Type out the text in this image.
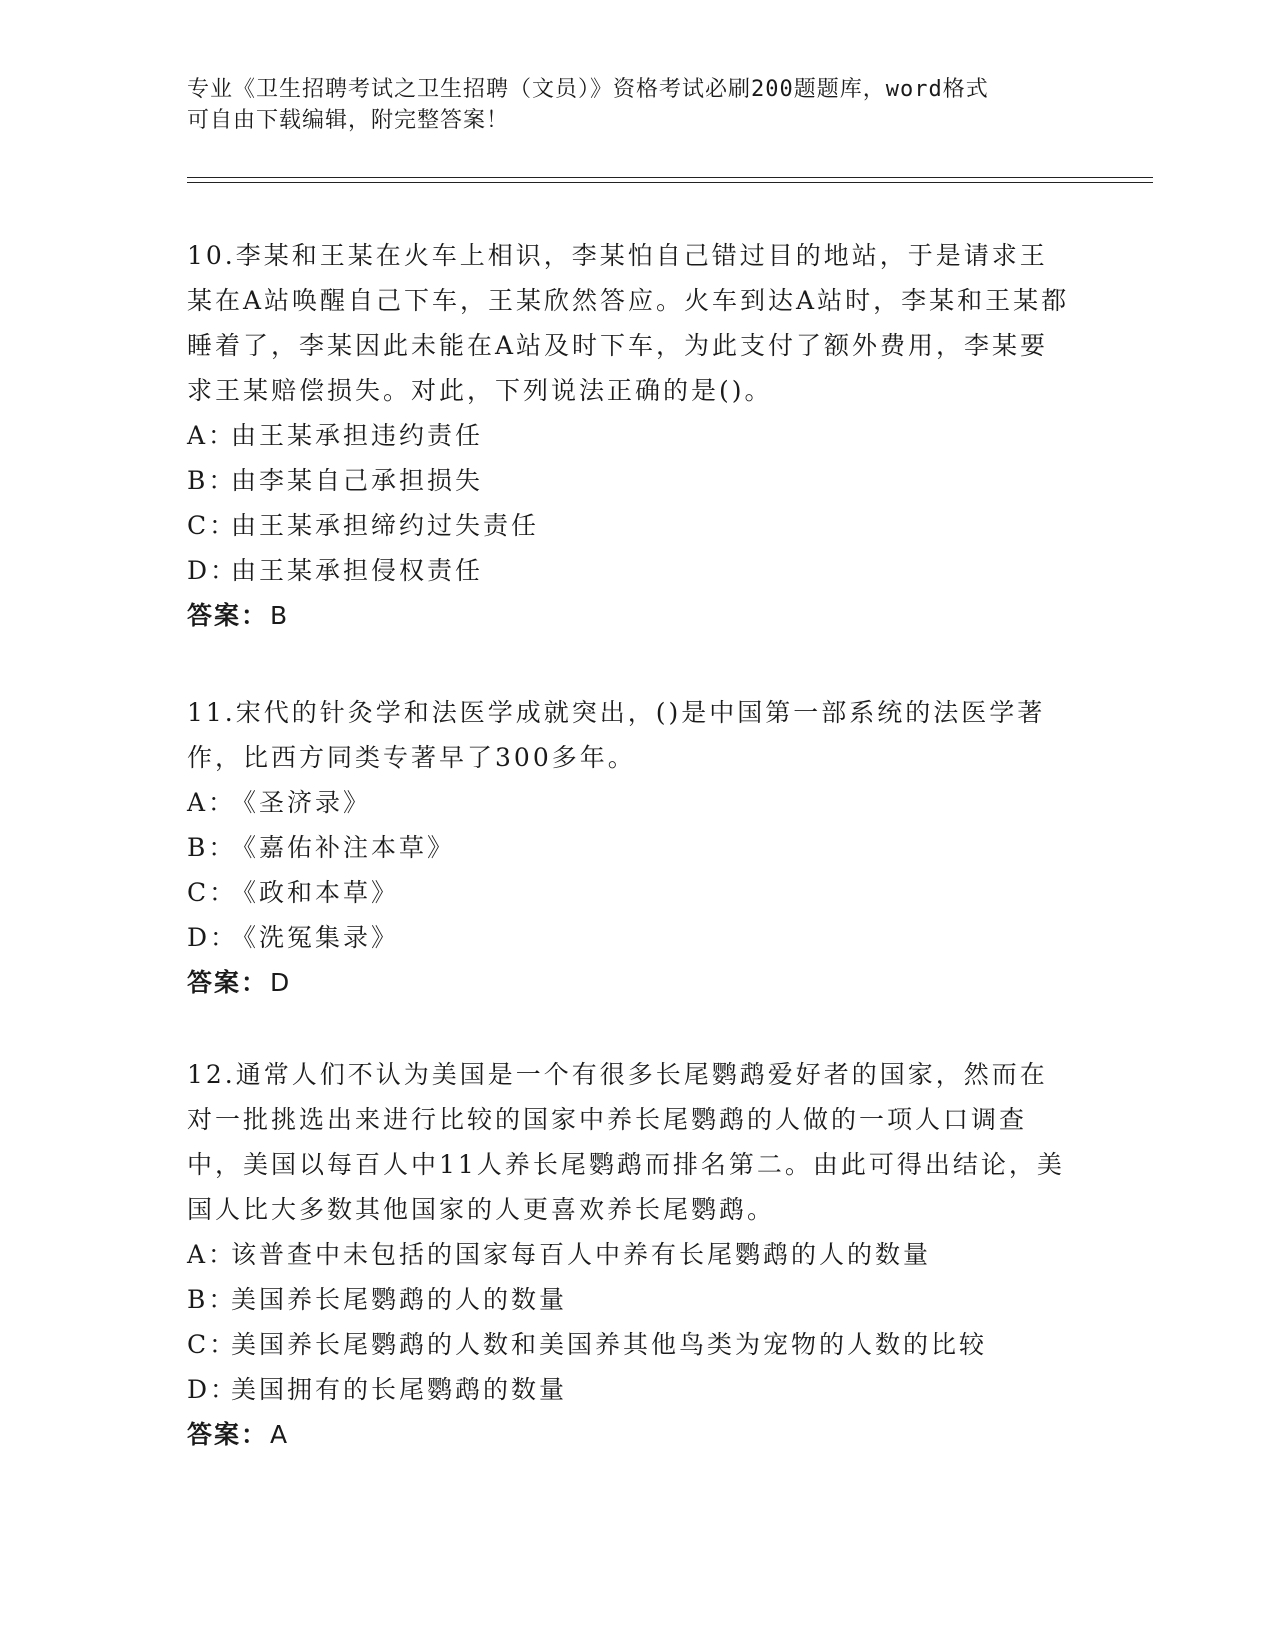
专业《卫生招聘考试之卫生招聘（文员）》资格考试必刷200题题库，word格式
可自由下载编辑，附完整答案！

10.李某和王某在火车上相识，李某怕自己错过目的地站，于是请求王某在A站唤醒自己下车，王某欣然答应。火车到达A站时，李某和王某都睡着了，李某因此未能在A站及时下车，为此支付了额外费用，李某要求王某赔偿损失。对此，下列说法正确的是()。

A：由王某承担违约责任

B：由李某自己承担损失

C：由王某承担缔约过失责任

D：由王某承担侵权责任

答案：B

11.宋代的针灸学和法医学成就突出，()是中国第一部系统的法医学著作，比西方同类专著早了300多年。

A：《圣济录》

B：《嘉佑补注本草》

C：《政和本草》

D：《洗冤集录》

答案：D

12.通常人们不认为美国是一个有很多长尾鹦鹉爱好者的国家，然而在对一批挑选出来进行比较的国家中养长尾鹦鹉的人做的一项人口调查中，美国以每百人中11人养长尾鹦鹉而排名第二。由此可得出结论，美国人比大多数其他国家的人更喜欢养长尾鹦鹉。

A：该普查中未包括的国家每百人中养有长尾鹦鹉的人的数量

B：美国养长尾鹦鹉的人的数量

C：美国养长尾鹦鹉的人数和美国养其他鸟类为宠物的人数的比较

D：美国拥有的长尾鹦鹉的数量

答案：A
